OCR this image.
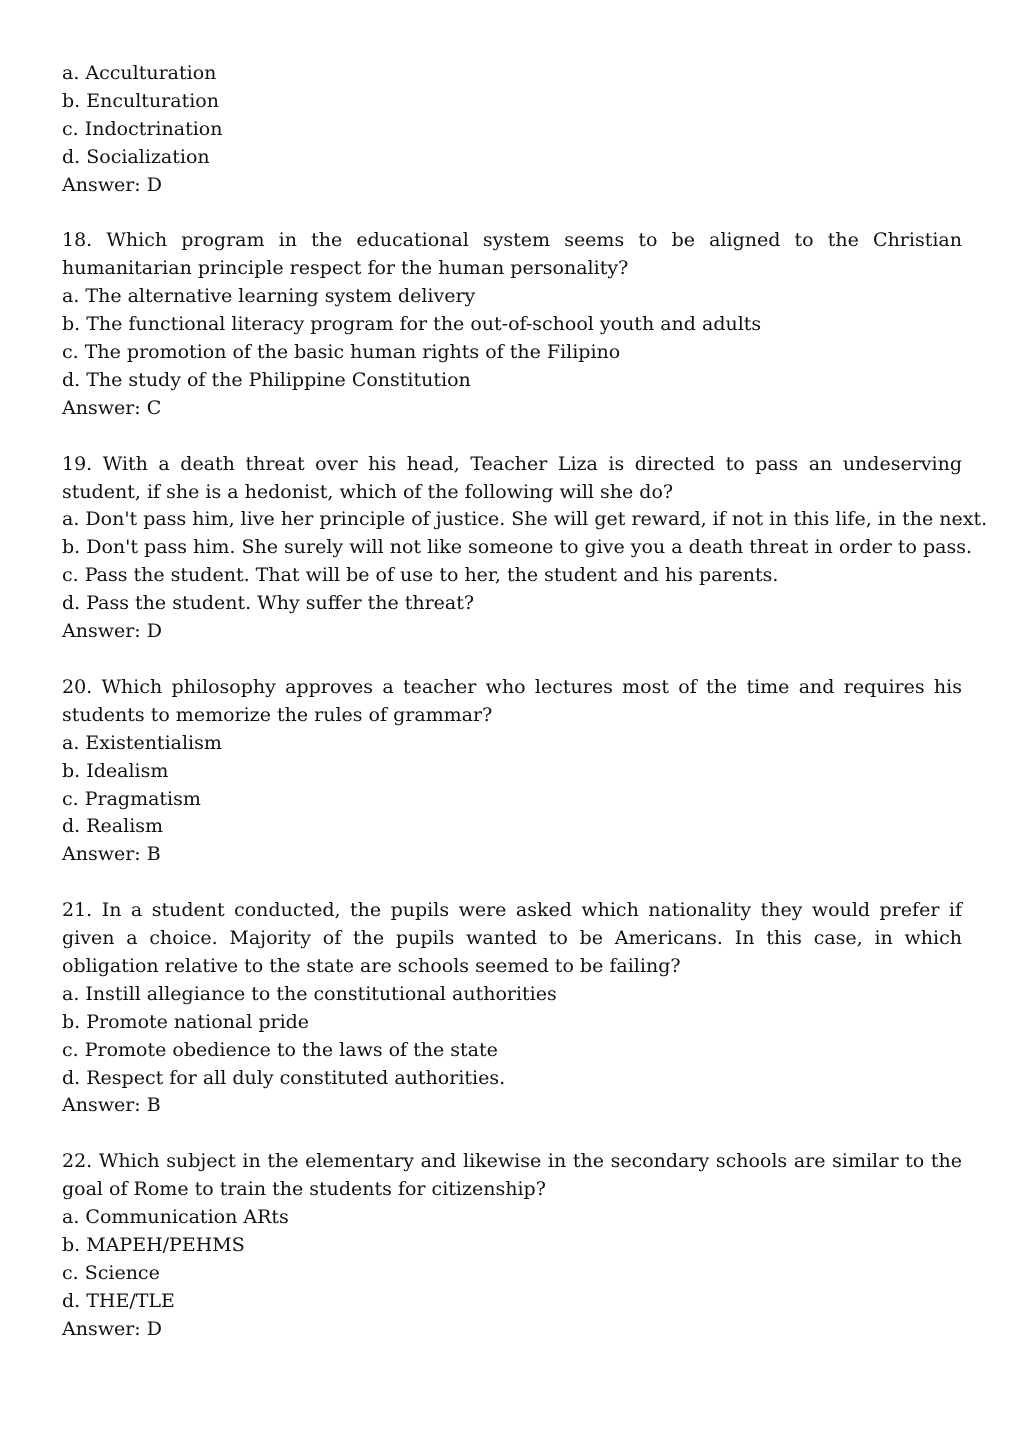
a. Acculturation

b. Enculturation

c. Indoctrination

d. Socialization

Answer: D

18. Which program in the educational system seems to be aligned to the Christian humanitarian principle respect for the human personality?

a. The alternative learning system delivery

b. The functional literacy program for the out-of-school youth and adults

c. The promotion of the basic human rights of the Filipino

d. The study of the Philippine Constitution

Answer: C

19. With a death threat over his head, Teacher Liza is directed to pass an undeserving student, if she is a hedonist, which of the following will she do?

a. Don't pass him, live her principle of justice. She will get reward, if not in this life, in the next.

b. Don't pass him. She surely will not like someone to give you a death threat in order to pass.

c. Pass the student. That will be of use to her, the student and his parents.

d. Pass the student. Why suffer the threat?

Answer: D

20. Which philosophy approves a teacher who lectures most of the time and requires his students to memorize the rules of grammar?

a. Existentialism

b. Idealism

c. Pragmatism

d. Realism

Answer: B

21. In a student conducted, the pupils were asked which nationality they would prefer if given a choice. Majority of the pupils wanted to be Americans. In this case, in which obligation relative to the state are schools seemed to be failing?

a. Instill allegiance to the constitutional authorities

b. Promote national pride

c. Promote obedience to the laws of the state

d. Respect for all duly constituted authorities.

Answer: B

22. Which subject in the elementary and likewise in the secondary schools are similar to the goal of Rome to train the students for citizenship?

a. Communication ARts

b. MAPEH/PEHMS

c. Science

d. THE/TLE

Answer: D
